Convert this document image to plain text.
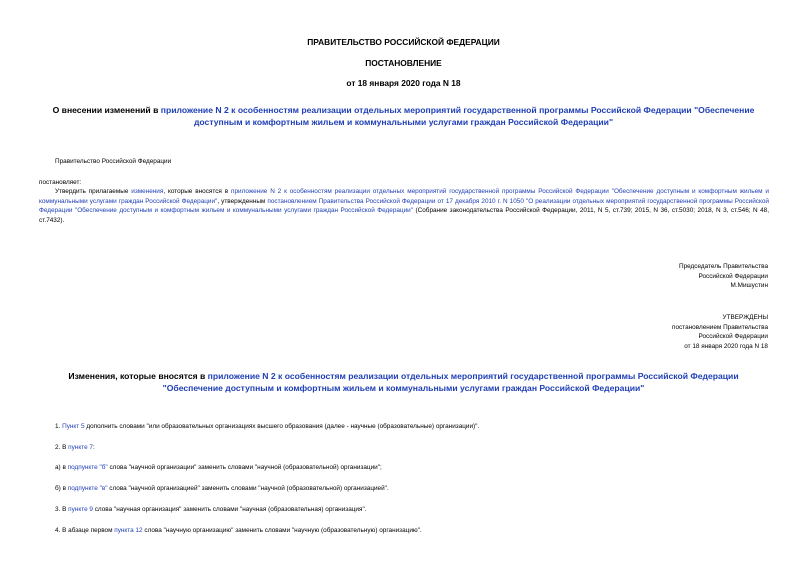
ПРАВИТЕЛЬСТВО РОССИЙСКОЙ ФЕДЕРАЦИИ
ПОСТАНОВЛЕНИЕ
от 18 января 2020 года N 18
О внесении изменений в приложение N 2 к особенностям реализации отдельных мероприятий государственной программы Российской Федерации "Обеспечение доступным и комфортным жильем и коммунальными услугами граждан Российской Федерации"
Правительство Российской Федерации
постановляет:
Утвердить прилагаемые изменения, которые вносятся в приложение N 2 к особенностям реализации отдельных мероприятий государственной программы Российской Федерации "Обеспечение доступным и комфортным жильем и коммунальными услугами граждан Российской Федерации", утвержденным постановлением Правительства Российской Федерации от 17 декабря 2010 г. N 1050 "О реализации отдельных мероприятий государственной программы Российской Федерации "Обеспечение доступным и комфортным жильем и коммунальными услугами граждан Российской Федерации" (Собрание законодательства Российской Федерации, 2011, N 5, ст.739; 2015, N 36, ст.5030; 2018, N 3, ст.546; N 48, ст.7432).
Председатель Правительства
Российской Федерации
М.Мишустин
УТВЕРЖДЕНЫ
постановлением Правительства
Российской Федерации
от 18 января 2020 года N 18
Изменения, которые вносятся в приложение N 2 к особенностям реализации отдельных мероприятий государственной программы Российской Федерации "Обеспечение доступным и комфортным жильем и коммунальными услугами граждан Российской Федерации"
1. Пункт 5 дополнить словами "или образовательных организациях высшего образования (далее - научные (образовательные) организации)".
2. В пункте 7:
а) в подпункте "б" слова "научной организации" заменить словами "научной (образовательной) организации";
б) в подпункте "в" слова "научной организацией" заменить словами "научной (образовательной) организацией".
3. В пункте 9 слова "научная организация" заменить словами "научная (образовательная) организация".
4. В абзаце первом пункта 12 слова "научную организацию" заменить словами "научную (образовательную) организацию".
